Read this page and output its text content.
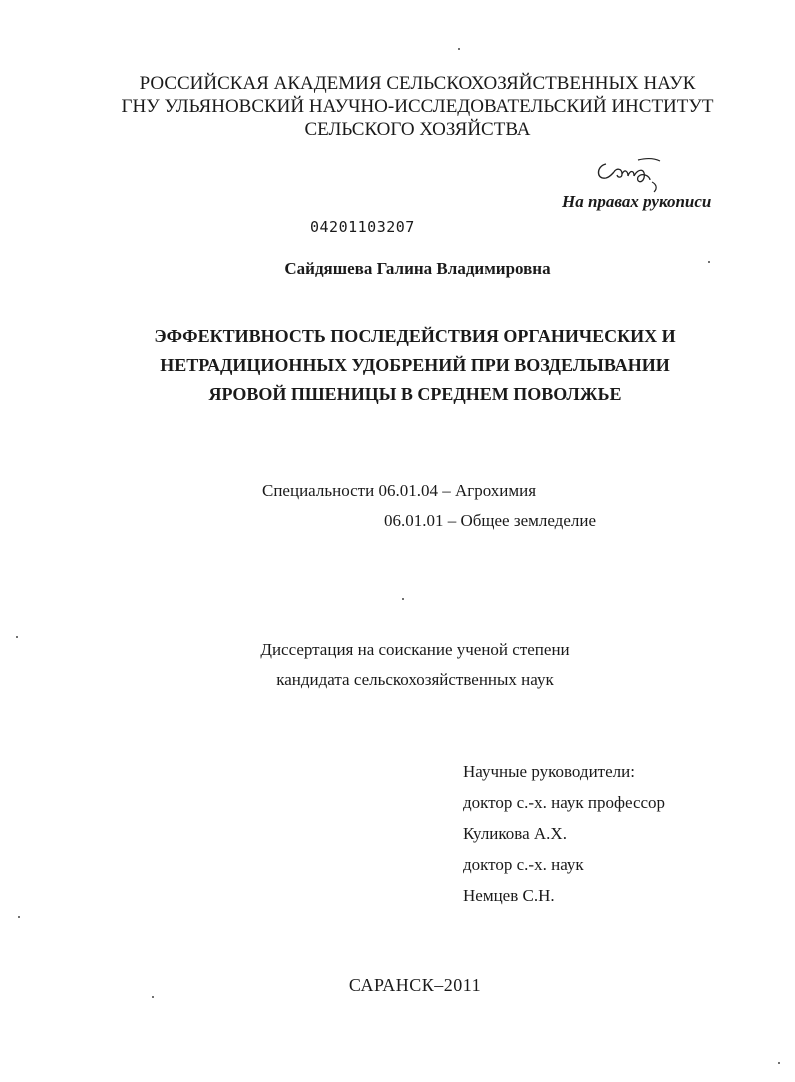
РОССИЙСКАЯ АКАДЕМИЯ СЕЛЬСКОХОЗЯЙСТВЕННЫХ НАУК
ГНУ УЛЬЯНОВСКИЙ НАУЧНО-ИССЛЕДОВАТЕЛЬСКИЙ ИНСТИТУТ
СЕЛЬСКОГО ХОЗЯЙСТВА
На правах рукописи
04201103207
Сайдяшева Галина Владимировна
ЭФФЕКТИВНОСТЬ ПОСЛЕДЕЙСТВИЯ ОРГАНИЧЕСКИХ И
НЕТРАДИЦИОННЫХ УДОБРЕНИЙ ПРИ ВОЗДЕЛЫВАНИИ
ЯРОВОЙ ПШЕНИЦЫ В СРЕДНЕМ ПОВОЛЖЬЕ
Специальности 06.01.04 – Агрохимия
06.01.01 – Общее земледелие
Диссертация на соискание ученой степени
кандидата сельскохозяйственных наук
Научные руководители:
доктор с.-х. наук профессор
Куликова А.Х.
доктор с.-х. наук
Немцев С.Н.
САРАНСК–2011
